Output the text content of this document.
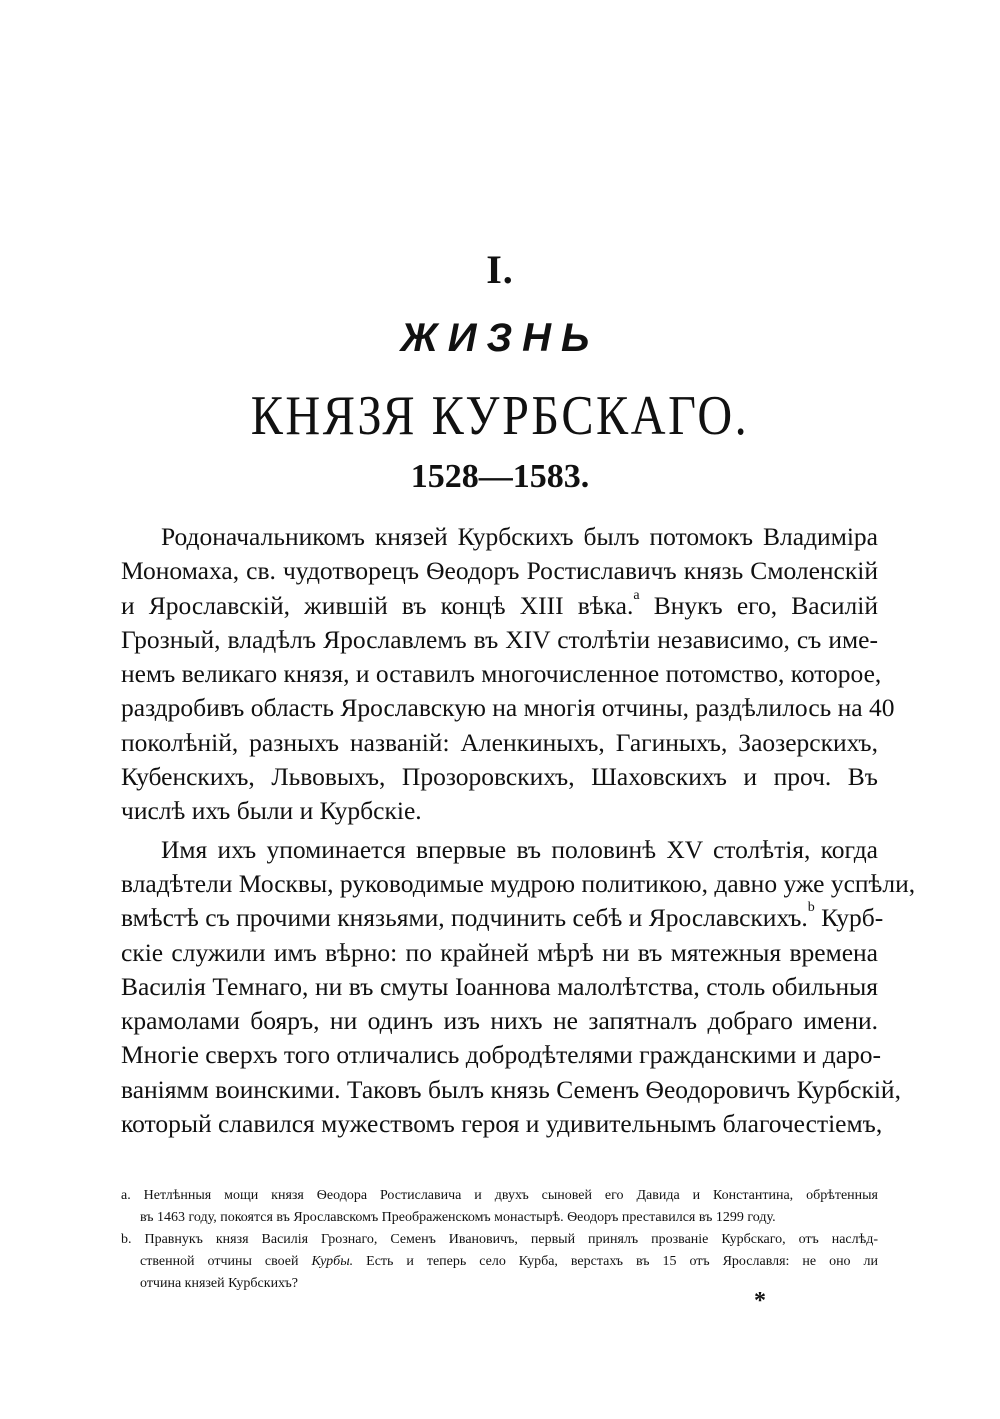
I.
ЖИЗНЬ
КНЯЗЯ КУРБСКАГО.
1528—1583.
Родоначальникомъ князей Курбскихъ былъ потомокъ Владиміра
Мономаха, св. чудотворецъ Ѳеодоръ Ростиславичъ князь Смоленскій
и Ярославскій, жившій въ концѣ XIII вѣка.$^a$ Внукъ его, Василій
Грозный, владѣлъ Ярославлемъ въ XIV столѣтіи независимо, съ име-
немъ великаго князя, и оставилъ многочисленное потомство, которое,
раздробивъ область Ярославскую на многія отчины, раздѣлилось на 40
поколѣній, разныхъ названій: Аленкиныхъ, Гагиныхъ, Заозерскихъ,
Кубенскихъ, Львовыхъ, Прозоровскихъ, Шаховскихъ и проч. Въ
числѣ ихъ были и Курбскіе.
Имя ихъ упоминается впервые въ половинѣ XV столѣтія, когда
владѣтели Москвы, руководимые мудрою политикою, давно уже успѣли,
вмѣстѣ съ прочими князьями, подчинить себѣ и Ярославскихъ.$^b$ Курб-
скіе служили имъ вѣрно: по крайней мѣрѣ ни въ мятежныя времена
Василія Темнаго, ни въ смуты Іоаннова малолѣтства, столь обильныя
крамолами бояръ, ни одинъ изъ нихъ не запятналъ добраго имени.
Многіе сверхъ того отличались добродѣтелями гражданскими и даро-
ваніямм воинскими. Таковъ былъ князь Семенъ Ѳеодоровичъ Курбскій,
который славился мужествомъ героя и удивительнымъ благочестіемъ,
a. Нетлѣнныя мощи князя Ѳеодора Ростиславича и двухъ сыновей его Давида и Константина, обрѣтенныя
въ 1463 году, покоятся въ Ярославскомъ Преображенскомъ монастырѣ. Ѳеодоръ преставился въ 1299 году.
b. Правнукъ князя Василія Грознаго, Семенъ Ивановичъ, первый принялъ прозваніе Курбскаго, отъ наслѣд-
ственной отчины своей Курбы. Есть и теперь село Курба, верстахъ въ 15 отъ Ярославля: не оно ли
отчина князей Курбскихъ?
*
